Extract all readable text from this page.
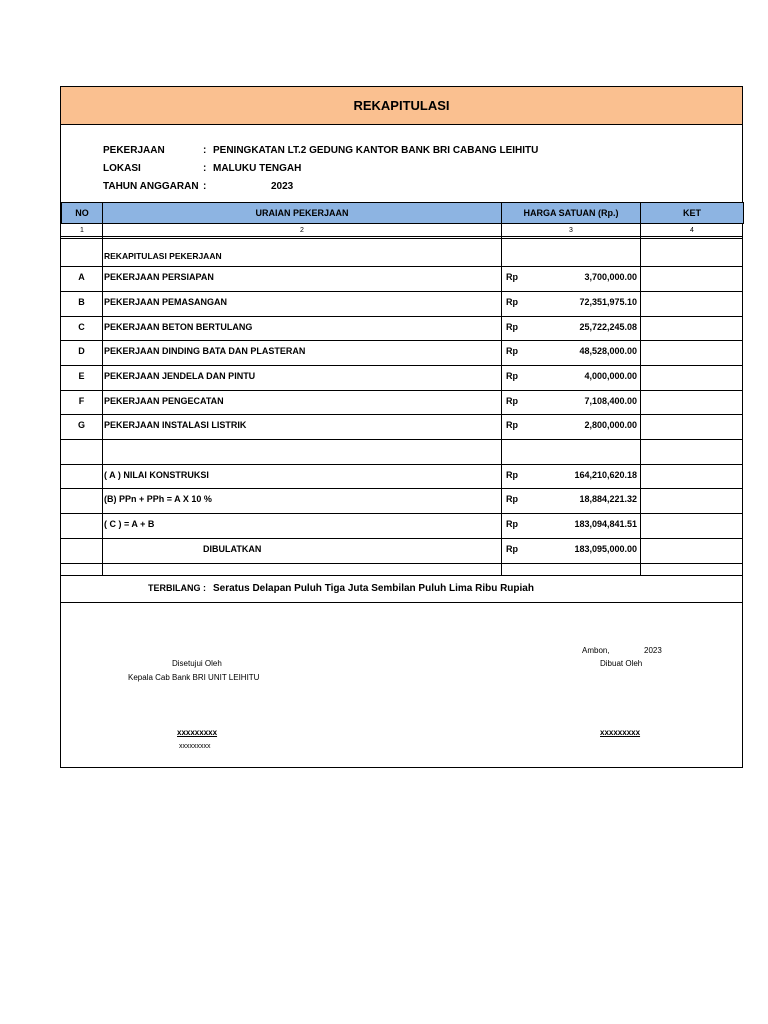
REKAPITULASI
PEKERJAAN	: PENINGKATAN LT.2 GEDUNG KANTOR BANK BRI CABANG LEIHITU
LOKASI	: MALUKU TENGAH
TAHUN ANGGARAN :	2023
NO	URAIAN PEKERJAAN	HARGA SATUAN (Rp.)	KET
1	2	3	4
REKAPITULASI PEKERJAAN
A	PEKERJAAN PERSIAPAN	Rp	3,700,000.00
B	PEKERJAAN PEMASANGAN	Rp	72,351,975.10
C	PEKERJAAN BETON BERTULANG	Rp	25,722,245.08
D	PEKERJAAN DINDING BATA DAN PLASTERAN	Rp	48,528,000.00
E	PEKERJAAN JENDELA DAN PINTU	Rp	4,000,000.00
F	PEKERJAAN PENGECATAN	Rp	7,108,400.00
G	PEKERJAAN INSTALASI LISTRIK	Rp	2,800,000.00
( A ) NILAI KONSTRUKSI	Rp	164,210,620.18
(B) PPn + PPh = A X 10 %	Rp	18,884,221.32
( C ) = A + B	Rp	183,094,841.51
DIBULATKAN	Rp	183,095,000.00
TERBILANG : Seratus Delapan Puluh Tiga Juta Sembilan Puluh Lima Ribu Rupiah
Ambon,	2023
Disetujui Oleh	Dibuat Oleh
Kepala Cab Bank BRI UNIT LEIHITU
xxxxxxxxx
xxxxxxxxx
xxxxxxxxx
